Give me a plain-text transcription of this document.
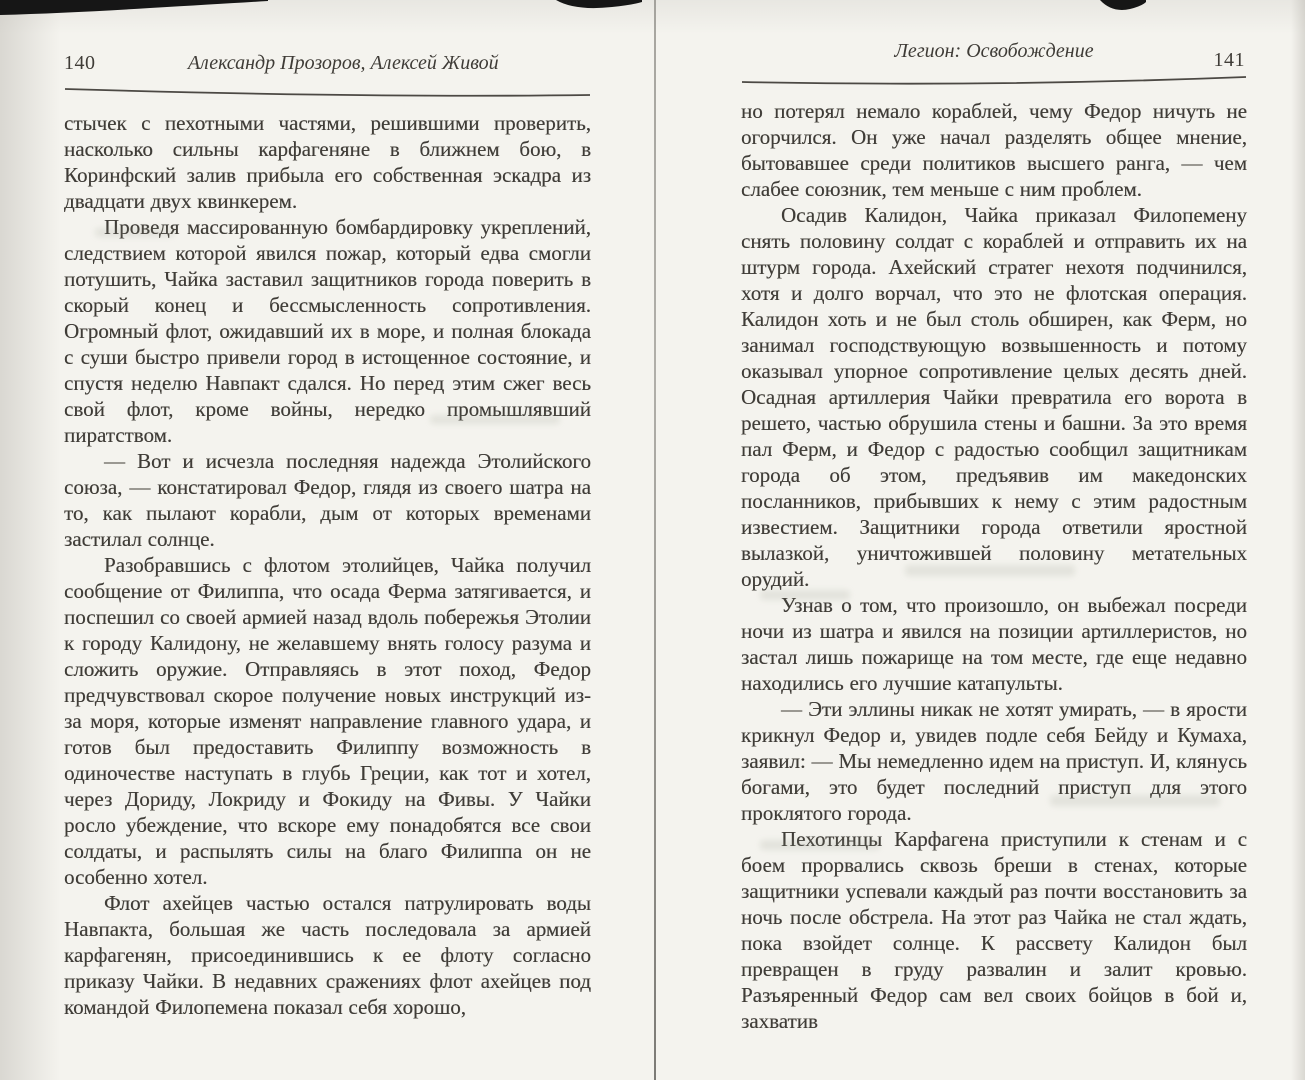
140	Александр Прозоров, Алексей Живой

стычек с пехотными частями, решившими проверить, насколько сильны карфагеняне в ближнем бою, в Коринфский залив прибыла его собственная эскадра из двадцати двух квинкерем.

Проведя массированную бомбардировку укреплений, следствием которой явился пожар, который едва смогли потушить, Чайка заставил защитников города поверить в скорый конец и бессмысленность сопротивления. Огромный флот, ожидавший их в море, и полная блокада с суши быстро привели город в истощенное состояние, и спустя неделю Навпакт сдался. Но перед этим сжег весь свой флот, кроме войны, нередко промышлявший пиратством.

— Вот и исчезла последняя надежда Этолийского союза, — констатировал Федор, глядя из своего шатра на то, как пылают корабли, дым от которых временами застилал солнце.

Разобравшись с флотом этолийцев, Чайка получил сообщение от Филиппа, что осада Ферма затягивается, и поспешил со своей армией назад вдоль побережья Этолии к городу Калидону, не желавшему внять голосу разума и сложить оружие. Отправляясь в этот поход, Федор предчувствовал скорое получение новых инструкций из-за моря, которые изменят направление главного удара, и готов был предоставить Филиппу возможность в одиночестве наступать в глубь Греции, как тот и хотел, через Дориду, Локриду и Фокиду на Фивы. У Чайки росло убеждение, что вскоре ему понадобятся все свои солдаты, и распылять силы на благо Филиппа он не особенно хотел.

Флот ахейцев частью остался патрулировать воды Навпакта, большая же часть последовала за армией карфагенян, присоединившись к ее флоту согласно приказу Чайки. В недавних сражениях флот ахейцев под командой Филопемена показал себя хорошо,

Легион: Освобождение	141

но потерял немало кораблей, чему Федор ничуть не огорчился. Он уже начал разделять общее мнение, бытовавшее среди политиков высшего ранга, — чем слабее союзник, тем меньше с ним проблем.

Осадив Калидон, Чайка приказал Филопемену снять половину солдат с кораблей и отправить их на штурм города. Ахейский стратег нехотя подчинился, хотя и долго ворчал, что это не флотская операция. Калидон хоть и не был столь обширен, как Ферм, но занимал господствующую возвышенность и потому оказывал упорное сопротивление целых десять дней. Осадная артиллерия Чайки превратила его ворота в решето, частью обрушила стены и башни. За это время пал Ферм, и Федор с радостью сообщил защитникам города об этом, предъявив им македонских посланников, прибывших к нему с этим радостным известием. Защитники города ответили яростной вылазкой, уничтожившей половину метательных орудий.

Узнав о том, что произошло, он выбежал посреди ночи из шатра и явился на позиции артиллеристов, но застал лишь пожарище на том месте, где еще недавно находились его лучшие катапульты.

— Эти эллины никак не хотят умирать, — в ярости крикнул Федор и, увидев подле себя Бейду и Кумаха, заявил: — Мы немедленно идем на приступ. И, клянусь богами, это будет последний приступ для этого проклятого города.

Пехотинцы Карфагена приступили к стенам и с боем прорвались сквозь бреши в стенах, которые защитники успевали каждый раз почти восстановить за ночь после обстрела. На этот раз Чайка не стал ждать, пока взойдет солнце. К рассвету Калидон был превращен в груду развалин и залит кровью. Разъяренный Федор сам вел своих бойцов в бой и, захватив
